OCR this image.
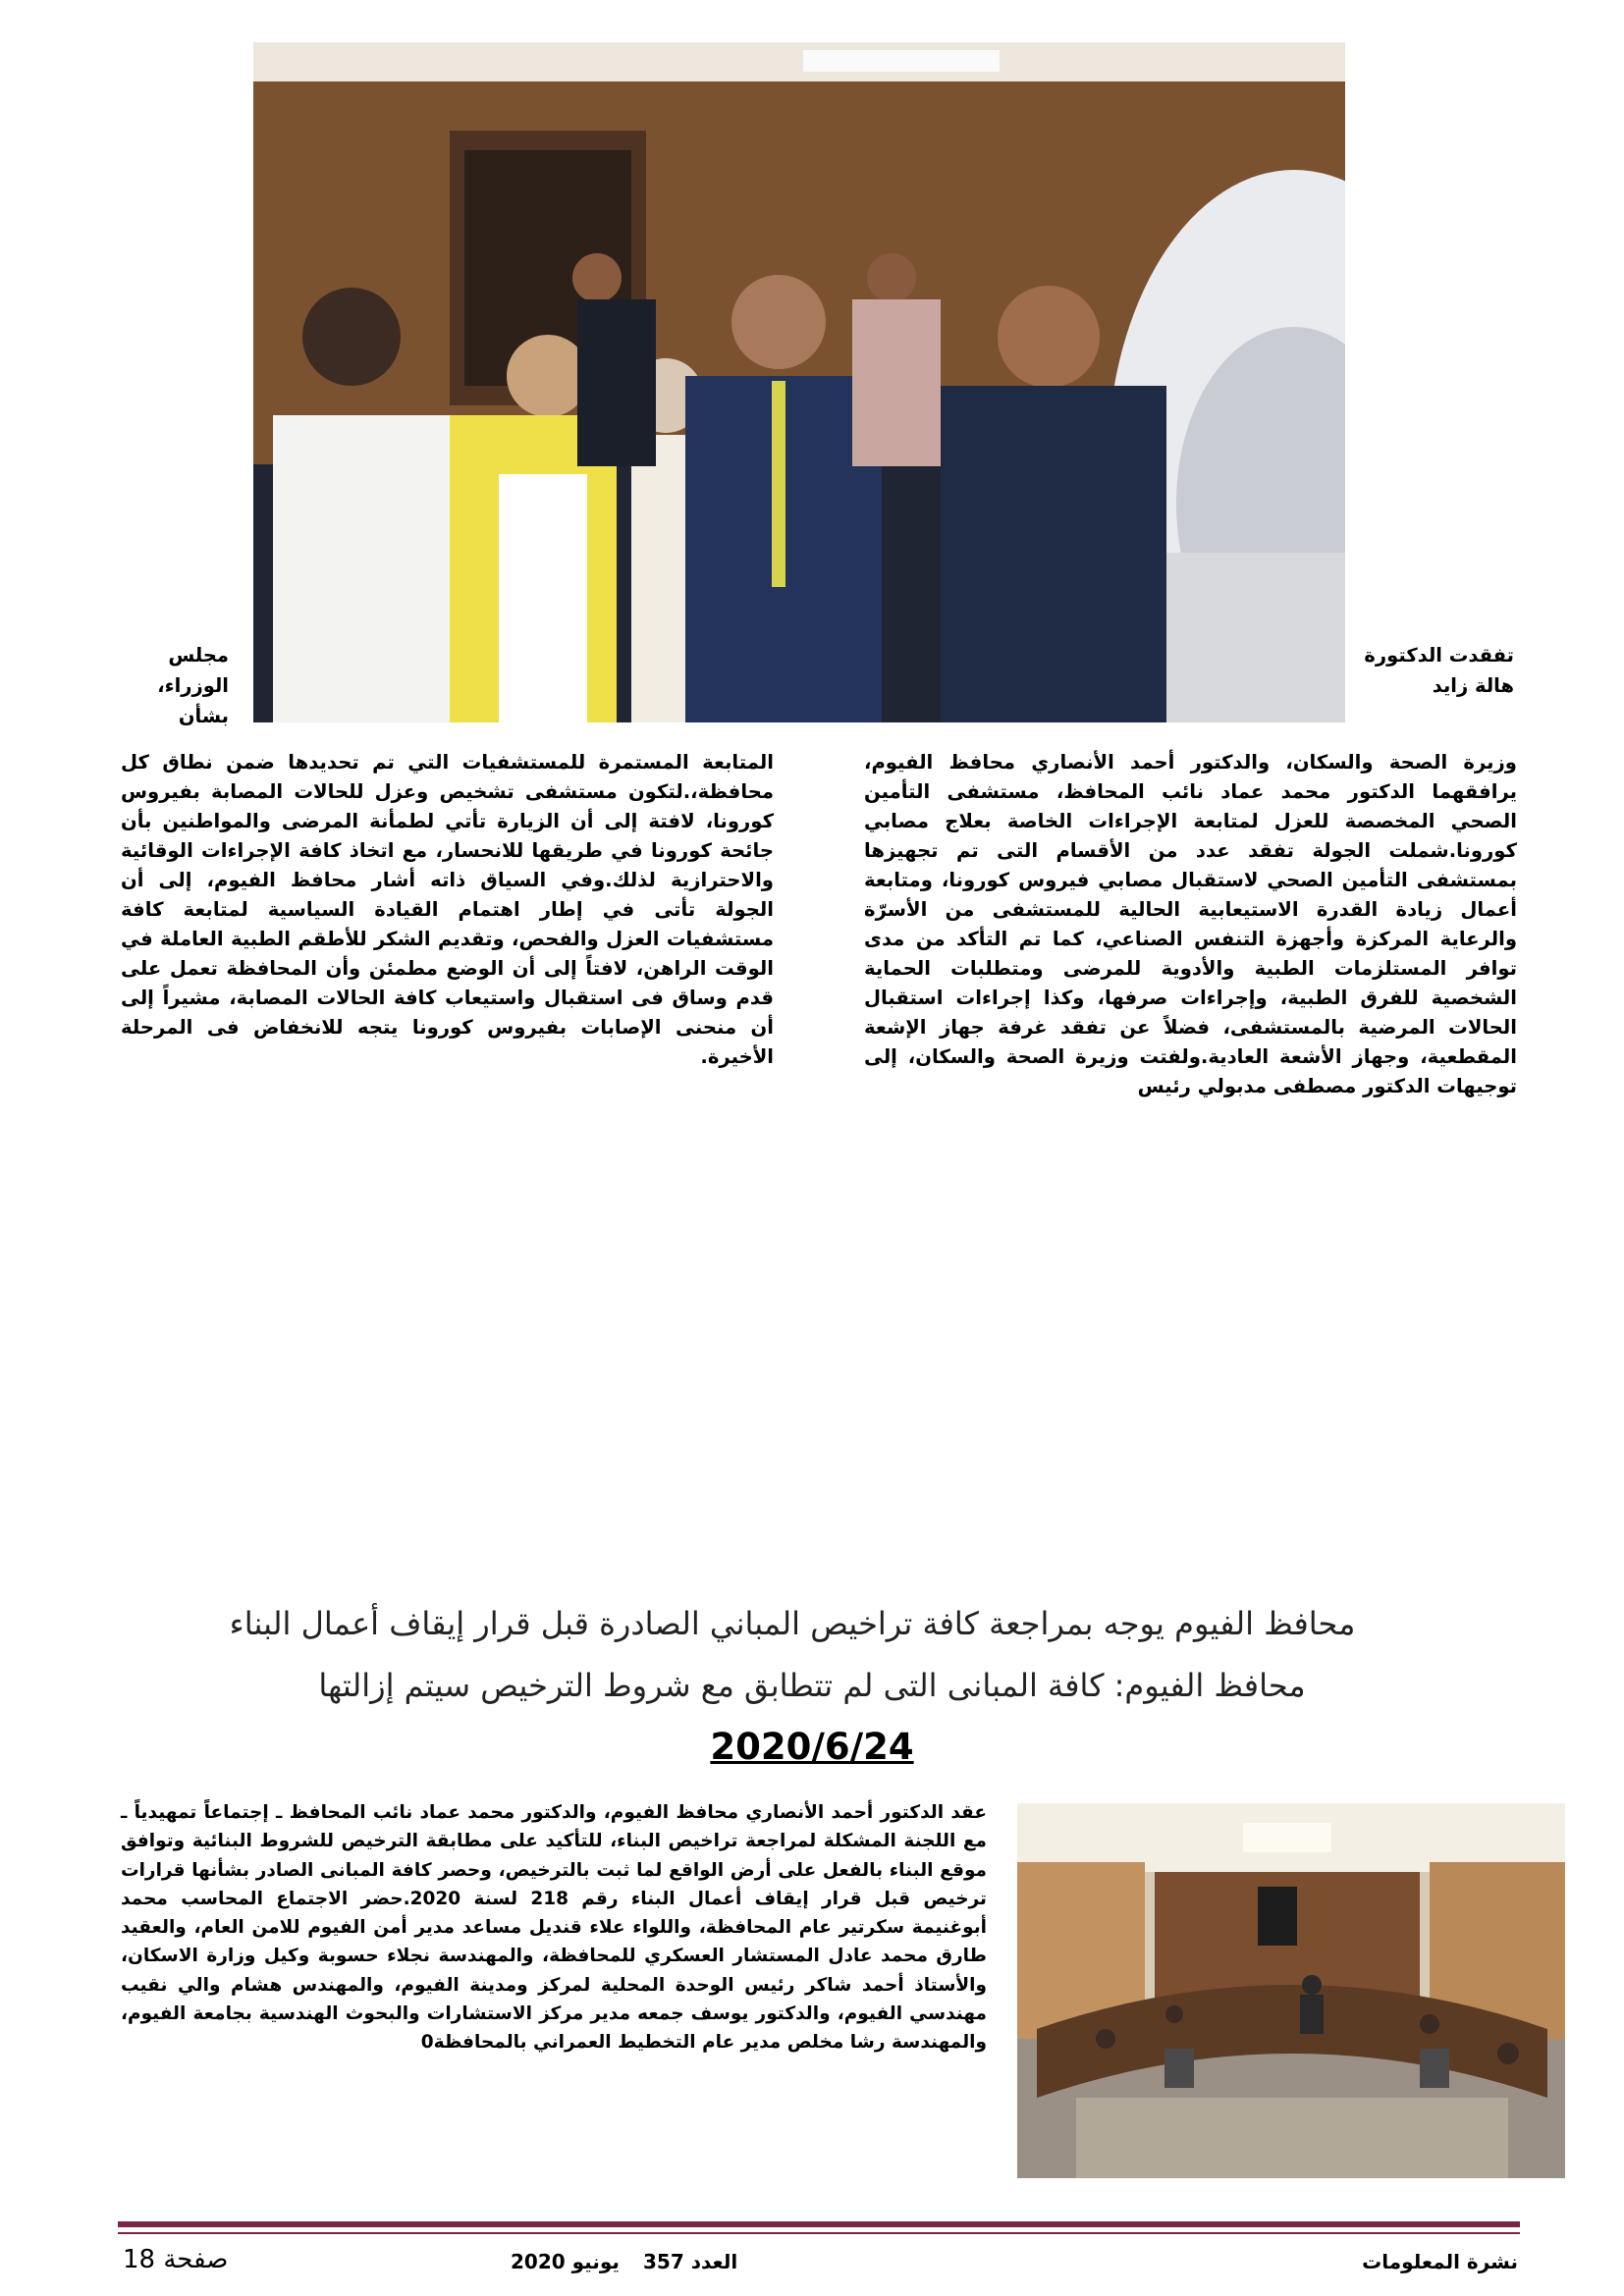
مجلس الوزراء، بشأن
تفقدت الدكتورة هالة زايد

وزيرة الصحة والسكان، والدكتور أحمد الأنصاري محافظ الفيوم، يرافقهما الدكتور محمد عماد نائب المحافظ، مستشفى التأمين الصحي المخصصة للعزل لمتابعة الإجراءات الخاصة بعلاج مصابي كورونا.شملت الجولة تفقد عدد من الأقسام التى تم تجهيزها بمستشفى التأمين الصحي لاستقبال مصابي فيروس كورونا، ومتابعة أعمال زيادة القدرة الاستيعابية الحالية للمستشفى من الأسرّة والرعاية المركزة وأجهزة التنفس الصناعي، كما تم التأكد من مدى توافر المستلزمات الطبية والأدوية للمرضى ومتطلبات الحماية الشخصية للفرق الطبية، وإجراءات صرفها، وكذا إجراءات استقبال الحالات المرضية بالمستشفى، فضلاً عن تفقد غرفة جهاز الإشعة المقطعية، وجهاز الأشعة العادية.ولفتت وزيرة الصحة والسكان، إلى توجيهات الدكتور مصطفى مدبولي رئيس

المتابعة المستمرة للمستشفيات التي تم تحديدها ضمن نطاق كل محافظة،.لتكون مستشفى تشخيص وعزل للحالات المصابة بفيروس كورونا، لافتة إلى أن الزيارة تأتي لطمأنة المرضى والمواطنين بأن جائحة كورونا في طريقها للانحسار، مع اتخاذ كافة الإجراءات الوقائية والاحترازية لذلك.وفي السياق ذاته أشار محافظ الفيوم، إلى أن الجولة تأتى في إطار اهتمام القيادة السياسية لمتابعة كافة مستشفيات العزل والفحص، وتقديم الشكر للأطقم الطبية العاملة في الوقت الراهن، لافتاً إلى أن الوضع مطمئن وأن المحافظة تعمل على قدم وساق فى استقبال واستيعاب كافة الحالات المصابة، مشيراً إلى أن منحنى الإصابات بفيروس كورونا يتجه للانخفاض فى المرحلة الأخيرة.

محافظ الفيوم يوجه بمراجعة كافة تراخيص المباني الصادرة قبل قرار إيقاف أعمال البناء
محافظ الفيوم: كافة المبانى التى لم تتطابق مع شروط الترخيص سيتم إزالتها
2020/6/24

عقد الدكتور أحمد الأنصاري محافظ الفيوم، والدكتور محمد عماد نائب المحافظ ـ إجتماعاً تمهيدياً ـ مع اللجنة المشكلة لمراجعة تراخيص البناء، للتأكيد على مطابقة الترخيص للشروط البنائية وتوافق موقع البناء بالفعل على أرض الواقع لما ثبت بالترخيص، وحصر كافة المبانى الصادر بشأنها قرارات ترخيص قبل قرار إيقاف أعمال البناء رقم 218 لسنة 2020.حضر الاجتماع المحاسب محمد أبوغنيمة سكرتير عام المحافظة، واللواء علاء قنديل مساعد مدير أمن الفيوم للامن العام، والعقيد طارق محمد عادل المستشار العسكري للمحافظة، والمهندسة نجلاء حسوبة وكيل وزارة الاسكان، والأستاذ أحمد شاكر رئيس الوحدة المحلية لمركز ومدينة الفيوم، والمهندس هشام والي نقيب مهندسي الفيوم، والدكتور يوسف جمعه مدير مركز الاستشارات والبحوث الهندسية بجامعة الفيوم، والمهندسة رشا مخلص مدير عام التخطيط العمراني بالمحافظة0

نشرة المعلومات
العدد 357
يونيو 2020
صفحة 18
